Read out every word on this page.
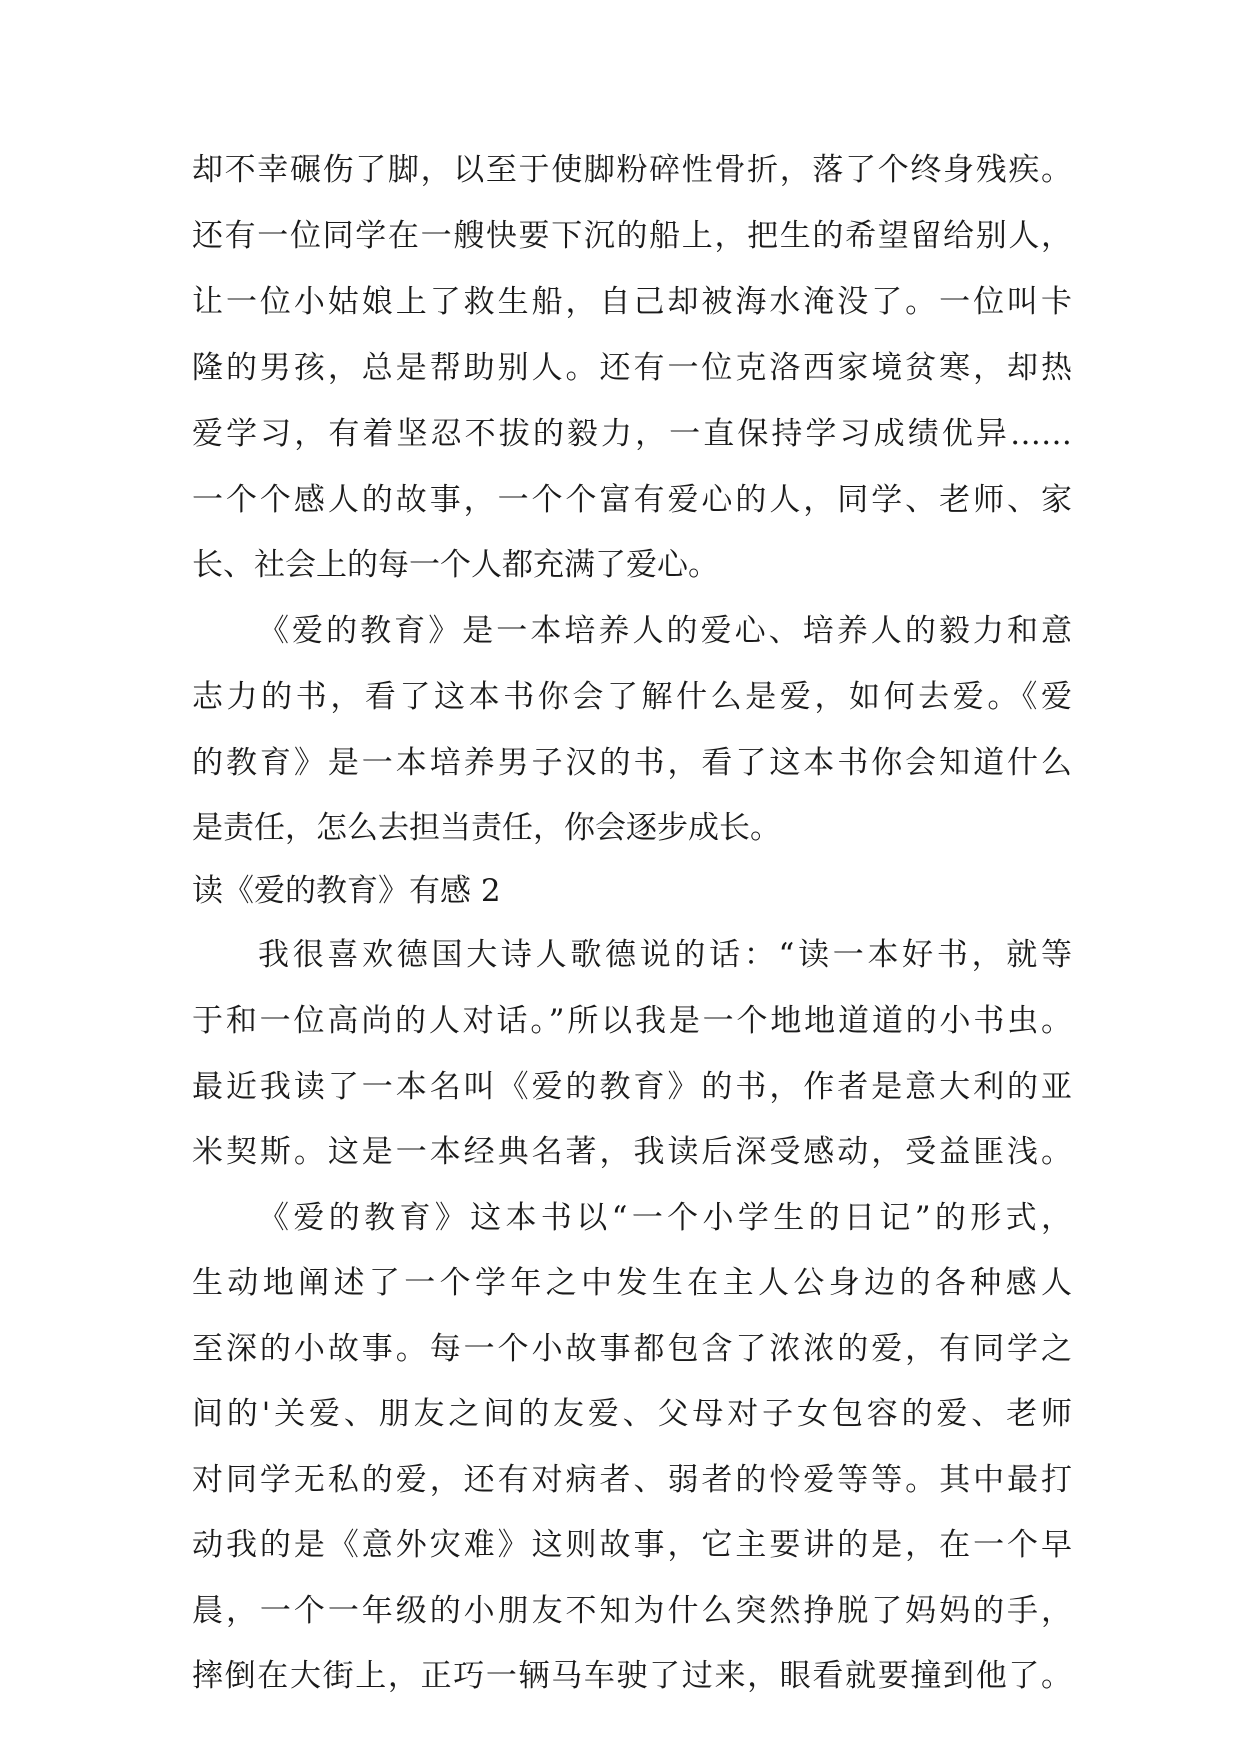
却不幸碾伤了脚，以至于使脚粉碎性骨折，落了个终身残疾。
还有一位同学在一艘快要下沉的船上，把生的希望留给别人，
让一位小姑娘上了救生船，自己却被海水淹没了。一位叫卡
隆的男孩，总是帮助别人。还有一位克洛西家境贫寒，却热
爱学习，有着坚忍不拔的毅力，一直保持学习成绩优异……
一个个感人的故事，一个个富有爱心的人，同学、老师、家
长、社会上的每一个人都充满了爱心。
《爱的教育》是一本培养人的爱心、培养人的毅力和意
志力的书，看了这本书你会了解什么是爱，如何去爱。《爱
的教育》是一本培养男子汉的书，看了这本书你会知道什么
是责任，怎么去担当责任，你会逐步成长。
读《爱的教育》有感 2
我很喜欢德国大诗人歌德说的话：“读一本好书，就等
于和一位高尚的人对话。”所以我是一个地地道道的小书虫。
最近我读了一本名叫《爱的教育》的书，作者是意大利的亚
米契斯。这是一本经典名著，我读后深受感动，受益匪浅。
《爱的教育》这本书以“一个小学生的日记”的形式，
生动地阐述了一个学年之中发生在主人公身边的各种感人
至深的小故事。每一个小故事都包含了浓浓的爱，有同学之
间的'关爱、朋友之间的友爱、父母对子女包容的爱、老师
对同学无私的爱，还有对病者、弱者的怜爱等等。其中最打
动我的是《意外灾难》这则故事，它主要讲的是，在一个早
晨，一个一年级的小朋友不知为什么突然挣脱了妈妈的手，
摔倒在大街上，正巧一辆马车驶了过来，眼看就要撞到他了。
